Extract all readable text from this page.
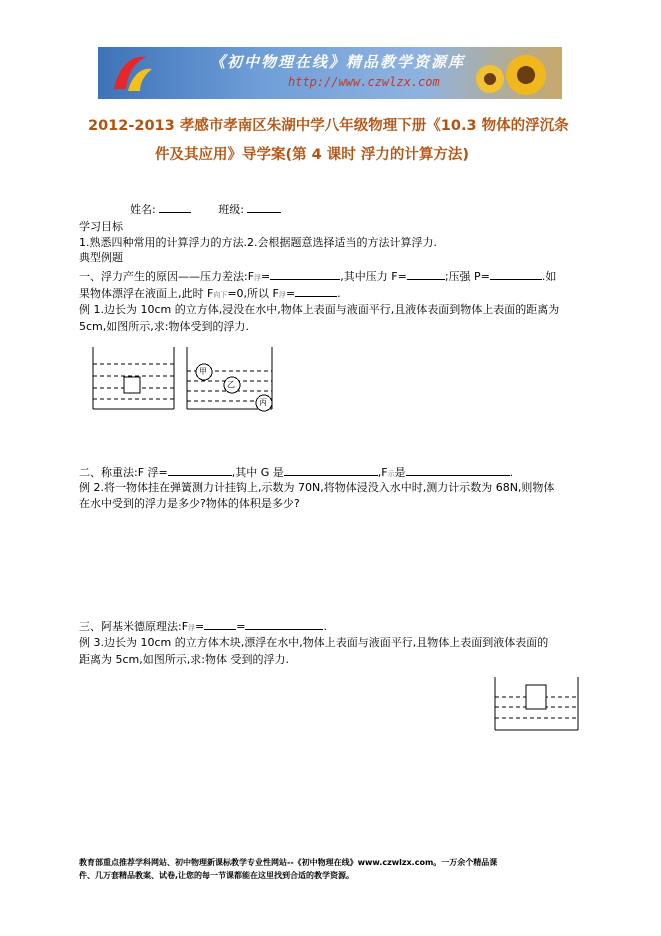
《初中物理在线》精品教学资源库
http://www.czwlzx.com
2012-2013 孝感市孝南区朱湖中学八年级物理下册《10.3 物体的浮沉条
件及其应用》导学案(第 4 课时 浮力的计算方法)
姓名:	班级:
学习目标
1.熟悉四种常用的计算浮力的方法.2.会根据题意选择适当的方法计算浮力.
典型例题
一、浮力产生的原因——压力差法:F浮=	,其中压力 F=	;压强 P=	.如
果物体漂浮在液面上,此时 F向下=0,所以 F浮=	.
例 1.边长为 10cm 的立方体,浸没在水中,物体上表面与液面平行,且液体表面到物体上表面的距离为
5cm,如图所示,求:物体受到的浮力.
甲
乙
丙
二、称重法:F 浮=	,其中 G 是	,F示是	.
例 2.将一物体挂在弹簧测力计挂钩上,示数为 70N,将物体浸没入水中时,测力计示数为 68N,则物体
在水中受到的浮力是多少?物体的体积是多少?
三、阿基米德原理法:F浮=	=	.
例 3.边长为 10cm 的立方体木块,漂浮在水中,物体上表面与液面平行,且物体上表面到液体表面的
距离为 5cm,如图所示,求:物体 受到的浮力.
教育部重点推荐学科网站、初中物理新课标教学专业性网站--《初中物理在线》www.czwlzx.com。一万余个精品课
件、几万套精品教案、试卷,让您的每一节课都能在这里找到合适的教学资源。
